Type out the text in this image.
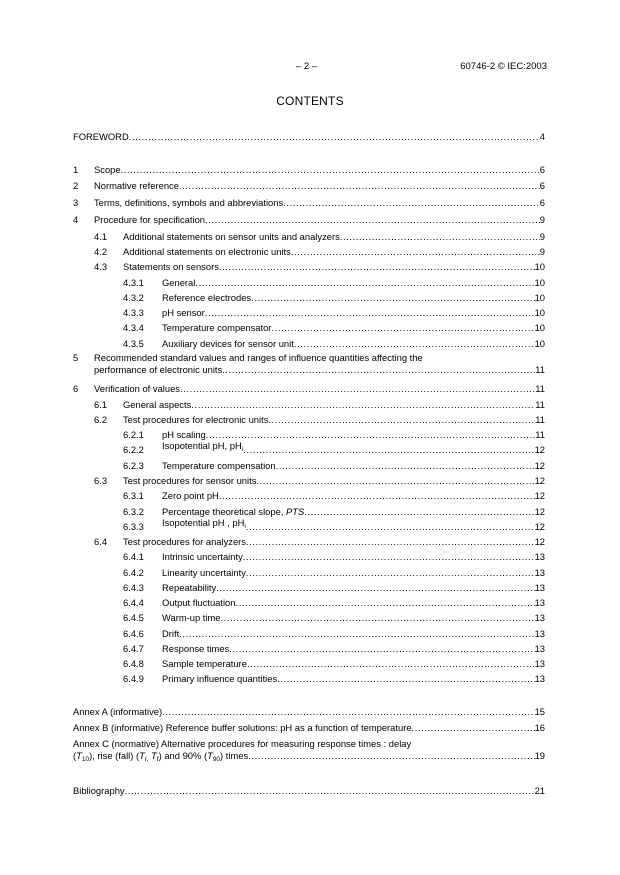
– 2 –	60746-2 © IEC:2003
CONTENTS
FOREWORD .....	4
1 Scope .....	6
2 Normative reference .....	6
3 Terms, definitions, symbols and abbreviations .....	6
4 Procedure for specification .....	9
4.1 Additional statements on sensor units and analyzers .....	9
4.2 Additional statements on electronic units .....	9
4.3 Statements on sensors .....	10
4.3.1 General .....	10
4.3.2 Reference electrodes .....	10
4.3.3 pH sensor .....	10
4.3.4 Temperature compensator .....	10
4.3.5 Auxiliary devices for sensor unit .....	10
5 Recommended standard values and ranges of influence quantities affecting the
performance of electronic units .....	11
6 Verification of values .....	11
6.1 General aspects .....	11
6.2 Test procedures for electronic units .....	11
6.2.1 pH scaling .....	11
6.2.2 Isopotential pH, $pH_i$ .....	12
6.2.3 Temperature compensation .....	12
6.3 Test procedures for sensor units .....	12
6.3.1 Zero point pH .....	12
6.3.2 Percentage theoretical slope, PTS .....	12
6.3.3 Isopotential pH , $pH_i$ .....	12
6.4 Test procedures for analyzers .....	12
6.4.1 Intrinsic uncertainty .....	13
6.4.2 Linearity uncertainty .....	13
6.4.3 Repeatability .....	13
6.4.4 Output fluctuation .....	13
6.4.5 Warm-up time .....	13
6.4.6 Drift .....	13
6.4.7 Response times .....	13
6.4.8 Sample temperature .....	13
6.4.9 Primary influence quantities .....	13
Annex A (informative) .....	15
Annex B (informative) Reference buffer solutions: pH as a function of temperature .....	16
Annex C (normative) Alternative procedures for measuring response times : delay
$(T_{10})$, rise (fall) ($T_{r,}$ $T_f$) and 90% $(T_{90})$ times .....	19
Bibliography .....	21
